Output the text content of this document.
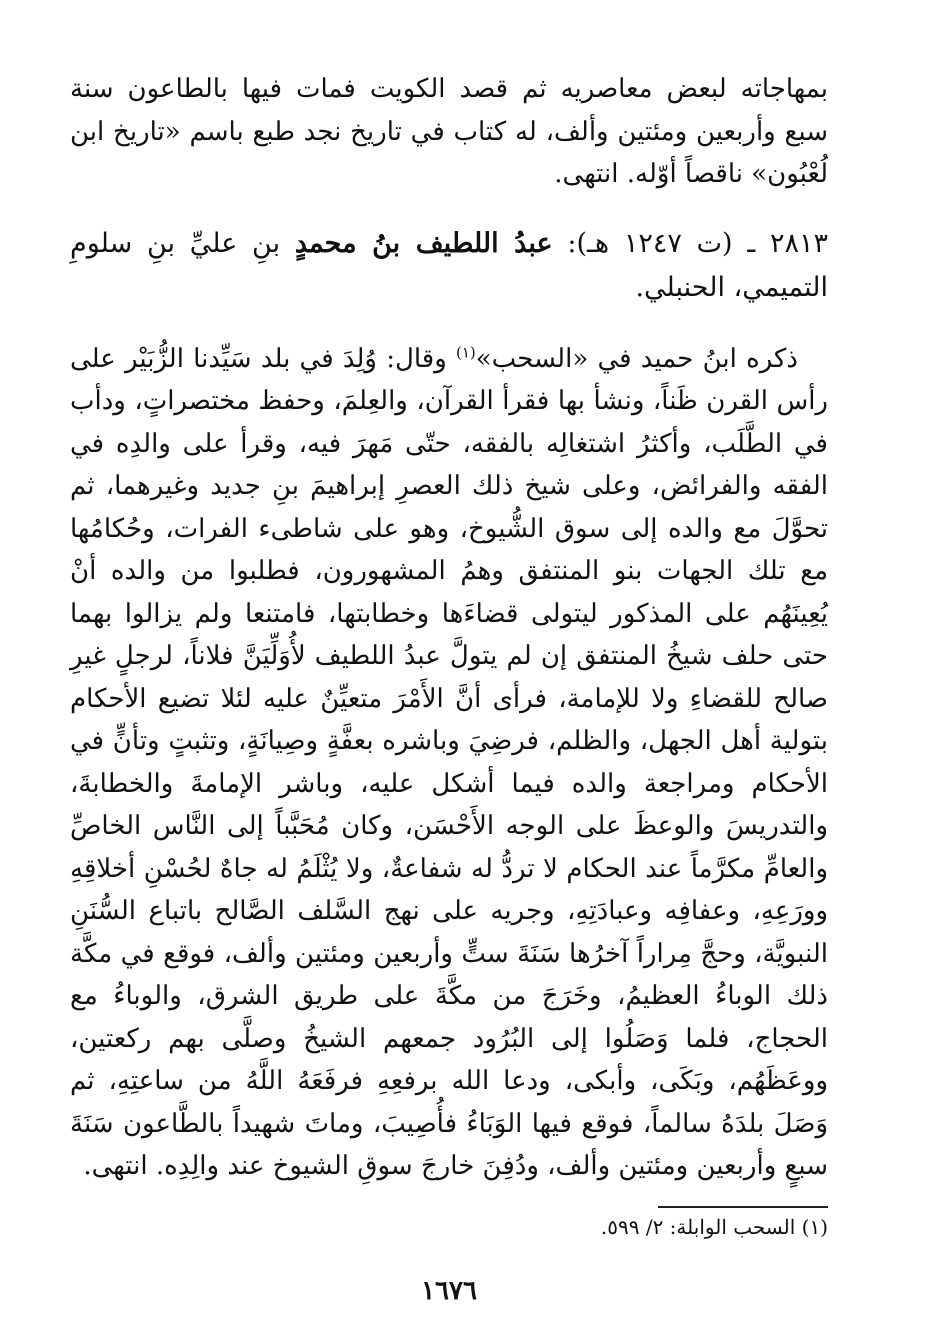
بمهاجاته لبعض معاصريه ثم قصد الكويت فمات فيها بالطاعون سنة سبع وأربعين ومئتين وألف، له كتاب في تاريخ نجد طبع باسم «تاريخ ابن لُعْبُون» ناقصاً أوّله. انتهى.

٢٨١٣ ـ (ت ١٢٤٧ هـ): عبدُ اللطيف بنُ محمدٍ بنِ عليِّ بنِ سلومِ التميمي، الحنبلي.

ذكره ابنُ حميد في «السحب»$^{(١)}$ وقال: وُلِدَ في بلد سَيِّدنا الزُّبَيْر على رأس القرن ظَناً، ونشأ بها فقرأ القرآن، والعِلمَ، وحفظ مختصراتٍ، ودأب في الطَّلَب، وأكثرُ اشتغالِه بالفقه، حتّى مَهرَ فيه، وقرأ على والدِه في الفقه والفرائض، وعلى شيخ ذلك العصرِ إبراهيمَ بنِ جديد وغيرهما، ثم تحوَّلَ مع والده إلى سوق الشُّيوخ، وهو على شاطىء الفرات، وحُكامُها مع تلك الجهات بنو المنتفق وهمُ المشهورون، فطلبوا من والده أنْ يُعِينَهُم على المذكور ليتولى قضاءَها وخطابتها، فامتنعا ولم يزالوا بهما حتى حلف شيخُ المنتفق إن لم يتولَّ عبدُ اللطيف لأُوَلِّيَنَّ فلاناً، لرجلٍ غيرِ صالح للقضاءِ ولا للإمامة، فرأى أنَّ الأَمْرَ متعيِّنٌ عليه لئلا تضيع الأحكام بتولية أهل الجهل، والظلم، فرضِيَ وباشره بعفَّةٍ وصِيانَةٍ، وتثبتٍ وتأنٍّ في الأحكام ومراجعة والده فيما أشكل عليه، وباشر الإمامةَ والخطابةَ، والتدريسَ والوعظَ على الوجه الأَحْسَن، وكان مُحَبَّباً إلى النَّاس الخاصِّ والعامِّ مكرَّماً عند الحكام لا تردُّ له شفاعةٌ، ولا يُثْلَمُ له جاهٌ لحُسْنِ أخلاقِهِ وورَعِهِ، وعفافِه وعبادَتِهِ، وجريه على نهج السَّلف الصَّالح باتباع السُّنَنِ النبويَّة، وحجَّ مِراراً آخرُها سَنَةَ ستٍّ وأربعين ومئتين وألف، فوقع في مكَّة ذلك الوباءُ العظيمُ، وخَرَجَ من مكَّةَ على طريق الشرق، والوباءُ مع الحجاج، فلما وَصَلُوا إلى البُرُود جمعهم الشيخُ وصلَّى بهم ركعتين، ووعَظَهُم، وبَكَى، وأبكى، ودعا الله برفعِهِ فرفَعَهُ اللَّهُ من ساعتِهِ، ثم وَصَلَ بلدَهُ سالماً، فوقع فيها الوَبَاءُ فأُصِيبَ، وماتَ شهيداً بالطَّاعون سَنَةَ سبعٍ وأربعين ومئتين وألف، ودُفِنَ خارجَ سوقِ الشيوخ عند والِدِه. انتهى.

(١) السحب الوابلة: ٢/ ٥٩٩.

١٦٧٦
